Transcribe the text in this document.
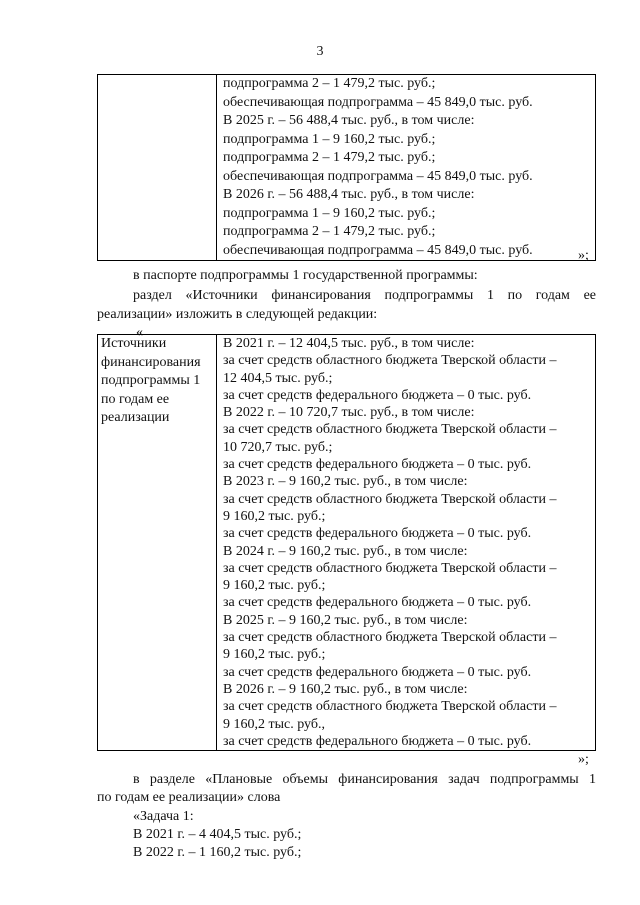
3

подпрограмма 2 – 1 479,2 тыс. руб.;
обеспечивающая подпрограмма – 45 849,0 тыс. руб.
В 2025 г. – 56 488,4 тыс. руб., в том числе:
подпрограмма 1 – 9 160,2 тыс. руб.;
подпрограмма 2 – 1 479,2 тыс. руб.;
обеспечивающая подпрограмма – 45 849,0 тыс. руб.
В 2026 г. – 56 488,4 тыс. руб., в том числе:
подпрограмма 1 – 9 160,2 тыс. руб.;
подпрограмма 2 – 1 479,2 тыс. руб.;
обеспечивающая подпрограмма – 45 849,0 тыс. руб.	»;
в паспорте подпрограммы 1 государственной программы:
раздел «Источники финансирования подпрограммы 1 по годам ее
реализации» изложить в следующей редакции:
«
Источники
финансирования
подпрограммы 1
по годам ее
реализации

В 2021 г. – 12 404,5 тыс. руб., в том числе:
за счет средств областного бюджета Тверской области –
12 404,5 тыс. руб.;
за счет средств федерального бюджета – 0 тыс. руб.
В 2022 г. – 10 720,7 тыс. руб., в том числе:
за счет средств областного бюджета Тверской области –
10 720,7 тыс. руб.;
за счет средств федерального бюджета – 0 тыс. руб.
В 2023 г. – 9 160,2 тыс. руб., в том числе:
за счет средств областного бюджета Тверской области –
9 160,2 тыс. руб.;
за счет средств федерального бюджета – 0 тыс. руб.
В 2024 г. – 9 160,2 тыс. руб., в том числе:
за счет средств областного бюджета Тверской области –
9 160,2 тыс. руб.;
за счет средств федерального бюджета – 0 тыс. руб.
В 2025 г. – 9 160,2 тыс. руб., в том числе:
за счет средств областного бюджета Тверской области –
9 160,2 тыс. руб.;
за счет средств федерального бюджета – 0 тыс. руб.
В 2026 г. – 9 160,2 тыс. руб., в том числе:
за счет средств областного бюджета Тверской области –
9 160,2 тыс. руб.,
за счет средств федерального бюджета – 0 тыс. руб.
»;
в разделе «Плановые объемы финансирования задач подпрограммы 1
по годам ее реализации» слова
«Задача 1:
В 2021 г. – 4 404,5 тыс. руб.;
В 2022 г. – 1 160,2 тыс. руб.;
